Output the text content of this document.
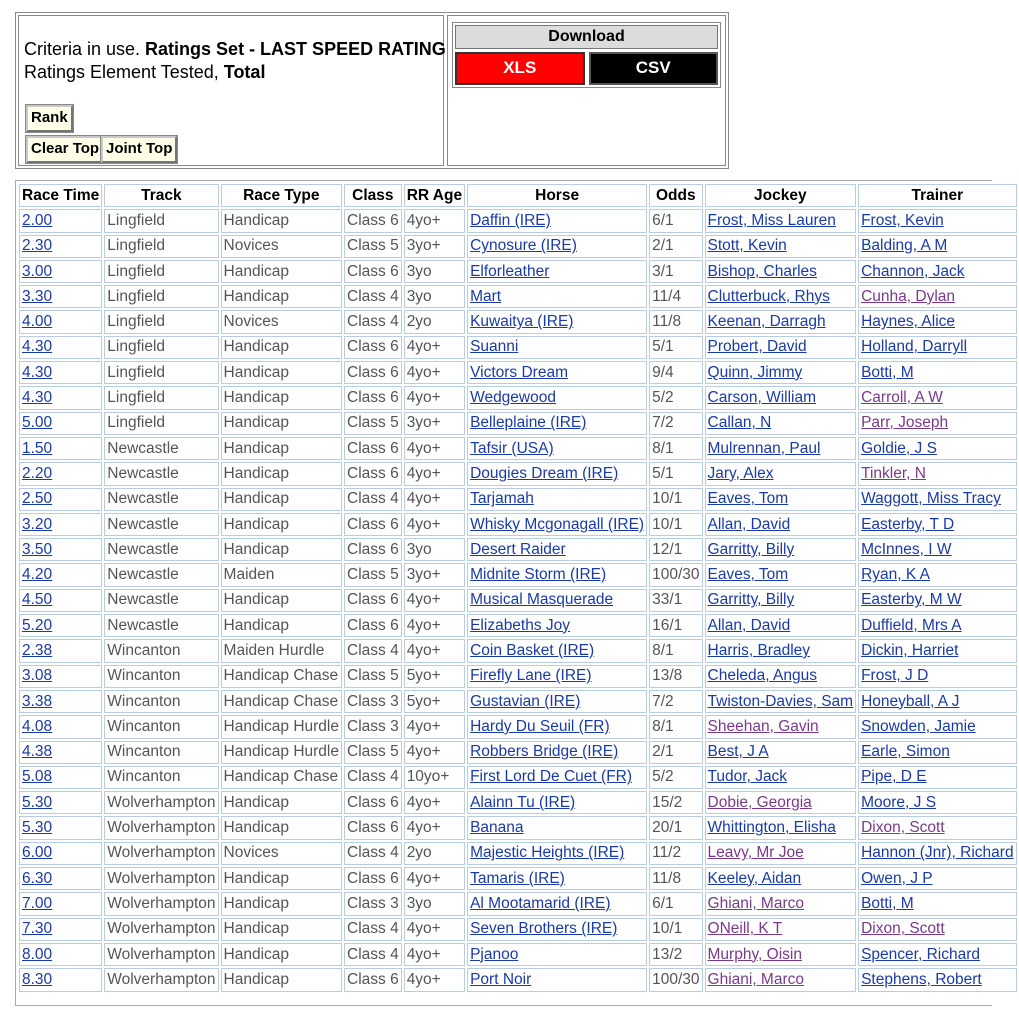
Criteria in use. Ratings Set - LAST SPEED RATING
Ratings Element Tested, Total
Rank
Clear Top Joint Top
Download
XLS	CSV
Race Time	Track	Race Type	Class	RR Age	Horse	Odds	Jockey	Trainer
2.00	Lingfield	Handicap	Class 6	4yo+	Daffin (IRE)	6/1	Frost, Miss Lauren	Frost, Kevin
2.30	Lingfield	Novices	Class 5	3yo+	Cynosure (IRE)	2/1	Stott, Kevin	Balding, A M
3.00	Lingfield	Handicap	Class 6	3yo	Elforleather	3/1	Bishop, Charles	Channon, Jack
3.30	Lingfield	Handicap	Class 4	3yo	Mart	11/4	Clutterbuck, Rhys	Cunha, Dylan
4.00	Lingfield	Novices	Class 4	2yo	Kuwaitya (IRE)	11/8	Keenan, Darragh	Haynes, Alice
4.30	Lingfield	Handicap	Class 6	4yo+	Suanni	5/1	Probert, David	Holland, Darryll
4.30	Lingfield	Handicap	Class 6	4yo+	Victors Dream	9/4	Quinn, Jimmy	Botti, M
4.30	Lingfield	Handicap	Class 6	4yo+	Wedgewood	5/2	Carson, William	Carroll, A W
5.00	Lingfield	Handicap	Class 5	3yo+	Belleplaine (IRE)	7/2	Callan, N	Parr, Joseph
1.50	Newcastle	Handicap	Class 6	4yo+	Tafsir (USA)	8/1	Mulrennan, Paul	Goldie, J S
2.20	Newcastle	Handicap	Class 6	4yo+	Dougies Dream (IRE)	5/1	Jary, Alex	Tinkler, N
2.50	Newcastle	Handicap	Class 4	4yo+	Tarjamah	10/1	Eaves, Tom	Waggott, Miss Tracy
3.20	Newcastle	Handicap	Class 6	4yo+	Whisky Mcgonagall (IRE)	10/1	Allan, David	Easterby, T D
3.50	Newcastle	Handicap	Class 6	3yo	Desert Raider	12/1	Garritty, Billy	McInnes, I W
4.20	Newcastle	Maiden	Class 5	3yo+	Midnite Storm (IRE)	100/30	Eaves, Tom	Ryan, K A
4.50	Newcastle	Handicap	Class 6	4yo+	Musical Masquerade	33/1	Garritty, Billy	Easterby, M W
5.20	Newcastle	Handicap	Class 6	4yo+	Elizabeths Joy	16/1	Allan, David	Duffield, Mrs A
2.38	Wincanton	Maiden Hurdle	Class 4	4yo+	Coin Basket (IRE)	8/1	Harris, Bradley	Dickin, Harriet
3.08	Wincanton	Handicap Chase	Class 5	5yo+	Firefly Lane (IRE)	13/8	Cheleda, Angus	Frost, J D
3.38	Wincanton	Handicap Chase	Class 3	5yo+	Gustavian (IRE)	7/2	Twiston-Davies, Sam	Honeyball, A J
4.08	Wincanton	Handicap Hurdle	Class 3	4yo+	Hardy Du Seuil (FR)	8/1	Sheehan, Gavin	Snowden, Jamie
4.38	Wincanton	Handicap Hurdle	Class 5	4yo+	Robbers Bridge (IRE)	2/1	Best, J A	Earle, Simon
5.08	Wincanton	Handicap Chase	Class 4	10yo+	First Lord De Cuet (FR)	5/2	Tudor, Jack	Pipe, D E
5.30	Wolverhampton	Handicap	Class 6	4yo+	Alainn Tu (IRE)	15/2	Dobie, Georgia	Moore, J S
5.30	Wolverhampton	Handicap	Class 6	4yo+	Banana	20/1	Whittington, Elisha	Dixon, Scott
6.00	Wolverhampton	Novices	Class 4	2yo	Majestic Heights (IRE)	11/2	Leavy, Mr Joe	Hannon (Jnr), Richard
6.30	Wolverhampton	Handicap	Class 6	4yo+	Tamaris (IRE)	11/8	Keeley, Aidan	Owen, J P
7.00	Wolverhampton	Handicap	Class 3	3yo	Al Mootamarid (IRE)	6/1	Ghiani, Marco	Botti, M
7.30	Wolverhampton	Handicap	Class 4	4yo+	Seven Brothers (IRE)	10/1	ONeill, K T	Dixon, Scott
8.00	Wolverhampton	Handicap	Class 4	4yo+	Pjanoo	13/2	Murphy, Oisin	Spencer, Richard
8.30	Wolverhampton	Handicap	Class 6	4yo+	Port Noir	100/30	Ghiani, Marco	Stephens, Robert
